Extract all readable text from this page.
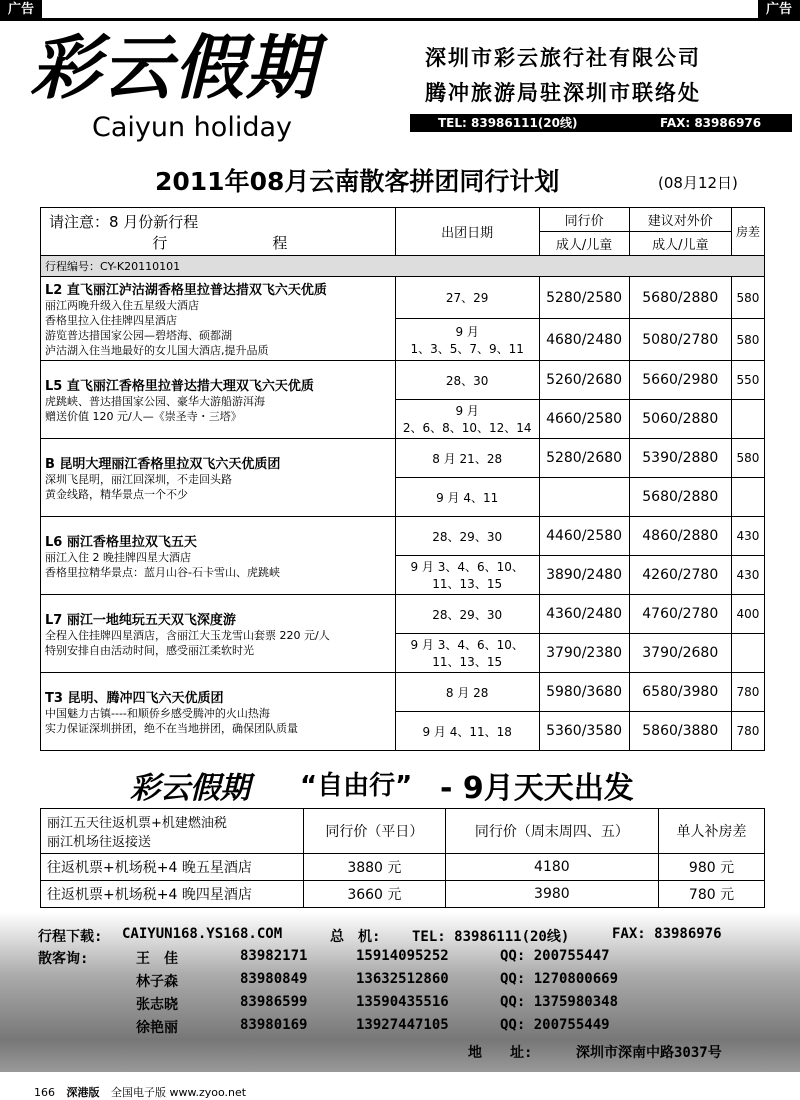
广告	广告
彩云假期
Caiyun holiday
深圳市彩云旅行社有限公司
腾冲旅游局驻深圳市联络处
TEL: 83986111(20线)	FAX: 83986976
2011年08月云南散客拼团同行计划	(08月12日)
请注意：8 月份新行程
行　　　　　　　程	出团日期	同行价	建议对外价	房差
		成人/儿童	成人/儿童	
行程编号：CY-K20110101				

L2 直飞丽江泸沽湖香格里拉普达措双飞六天优质
丽江两晚升级入住五星级大酒店
香格里拉入住挂牌四星酒店
游览普达措国家公园—碧塔海、硕都湖
泸沽湖入住当地最好的女儿国大酒店,提升品质	27、29	5280/2580	5680/2880	580
	9 月
1、3、5、7、9、11	4680/2480	5080/2780	580

L5 直飞丽江香格里拉普达措大理双飞六天优质
虎跳峡、普达措国家公园、豪华大游船游洱海
赠送价值 120 元/人—《崇圣寺・三塔》	28、30	5260/2680	5660/2980	550
	9 月
2、6、8、10、12、14	4660/2580	5060/2880	

B 昆明大理丽江香格里拉双飞六天优质团
深圳飞昆明，丽江回深圳，不走回头路
黄金线路，精华景点一个不少	8 月 21、28	5280/2680	5390/2880	580
	9 月 4、11		5680/2880	

L6 丽江香格里拉双飞五天
丽江入住 2 晚挂牌四星大酒店
香格里拉精华景点：蓝月山谷-石卡雪山、虎跳峡	28、29、30	4460/2580	4860/2880	430
	9 月 3、4、6、10、
11、13、15	3890/2480	4260/2780	430

L7 丽江一地纯玩五天双飞深度游
全程入住挂牌四星酒店，含丽江大玉龙雪山套票 220 元/人
特别安排自由活动时间，感受丽江柔软时光	28、29、30	4360/2480	4760/2780	400
	9 月 3、4、6、10、
11、13、15	3790/2380	3790/2680	

T3 昆明、腾冲四飞六天优质团
中国魅力古镇----和顺侨乡感受腾冲的火山热海
实力保证深圳拼团，绝不在当地拼团，确保团队质量	8 月 28	5980/3680	6580/3980	780
	9 月 4、11、18	5360/3580	5860/3880	780
彩云假期 “自由行” - 9月天天出发
丽江五天往返机票+机建燃油税
丽江机场往返接送	同行价（平日）	同行价（周末周四、五）	单人补房差
往返机票+机场税+4 晚五星酒店	3880 元	4180	980 元
往返机票+机场税+4 晚四星酒店	3660 元	3980	780 元
行程下载: CAIYUN168.YS168.COM	总　机: TEL: 83986111(20线)	FAX: 83986976
散客询:	王　佳	83982171	15914095252	QQ: 200755447
林子森	83980849	13632512860	QQ: 1270800669
张志晓	83986599	13590435516	QQ: 1375980348
徐艳丽	83980169	13927447105	QQ: 200755449
地　　址:	深圳市深南中路3037号
166 深港版 全国电子版 www.zyoo.net
